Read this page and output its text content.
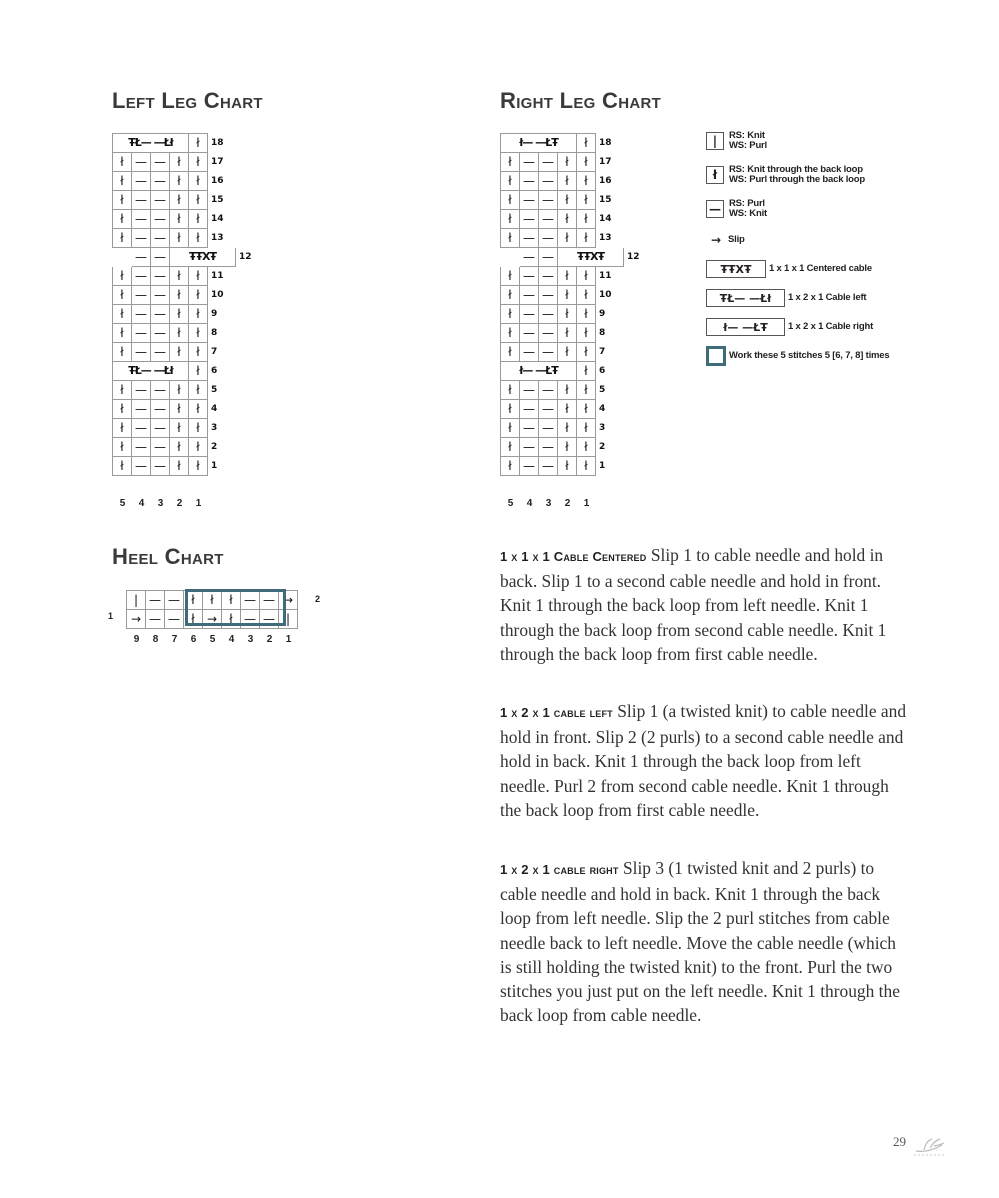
Left Leg Chart
ŦŁ— —Łł				ł	18	
ł	—	—	ł	ł	17	
ł	—	—	ł	ł	16	
ł	—	—	ł	ł	15	
ł	—	—	ł	ł	14	
ł	—	—	ł	ł	13	
	—	—	ŦŦXŦ			12
ł	—	—	ł	ł	11	
ł	—	—	ł	ł	10	
ł	—	—	ł	ł	9	
ł	—	—	ł	ł	8	
ł	—	—	ł	ł	7	
ŦŁ— —Łł				ł	6	
ł	—	—	ł	ł	5	
ł	—	—	ł	ł	4	
ł	—	—	ł	ł	3	
ł	—	—	ł	ł	2	
ł	—	—	ł	ł	1	
5 4 3 2 1
Right Leg Chart
ł— —ŁŦ				ł	18	
ł	—	—	ł	ł	17	
ł	—	—	ł	ł	16	
ł	—	—	ł	ł	15	
ł	—	—	ł	ł	14	
ł	—	—	ł	ł	13	
	—	—	ŦŦXŦ			12
ł	—	—	ł	ł	11	
ł	—	—	ł	ł	10	
ł	—	—	ł	ł	9	
ł	—	—	ł	ł	8	
ł	—	—	ł	ł	7	
ł— —ŁŦ				ł	6	
ł	—	—	ł	ł	5	
ł	—	—	ł	ł	4	
ł	—	—	ł	ł	3	
ł	—	—	ł	ł	2	
ł	—	—	ł	ł	1	
5 4 3 2 1
|	RS: Knit
WS: Purl
ł	RS: Knit through the back loop
WS: Purl through the back loop
— RS: Purl
WS: Knit
→ Slip
ŦŦXŦ	1 x 1 x 1 Centered cable
ŦŁ— —Łł	1 x 2 x 1 Cable left
ł— —ŁŦ	1 x 2 x 1 Cable right
Work these 5 stitches 5 [6, 7, 8] times
Heel Chart
1
|	—	—	ł	ł	ł	—	—	→
→	—	—	ł	→	ł	—	—	|
2
9 8 7 6 5 4 3 2 1

1 x 1 x 1 Cable Centered Slip 1 to cable needle and hold in back. Slip 1 to a second cable needle and hold in front. Knit 1 through the back loop from left needle. Knit 1 through the back loop from second cable needle. Knit 1 through the back loop from first cable needle.

1 x 2 x 1 cable left Slip 1 (a twisted knit) to cable needle and hold in front. Slip 2 (2 purls) to a second cable needle and hold in back. Knit 1 through the back loop from left needle. Purl 2 from second cable needle. Knit 1 through the back loop from first cable needle.

1 x 2 x 1 cable right Slip 3 (1 twisted knit and 2 purls) to cable needle and hold in back. Knit 1 through the back loop from left needle. Slip the 2 purl stitches from cable needle back to left needle. Move the cable needle (which is still holding the twisted knit) to the front. Purl the two stitches you just put on the left needle. Knit 1 through the back loop from cable needle.

29
